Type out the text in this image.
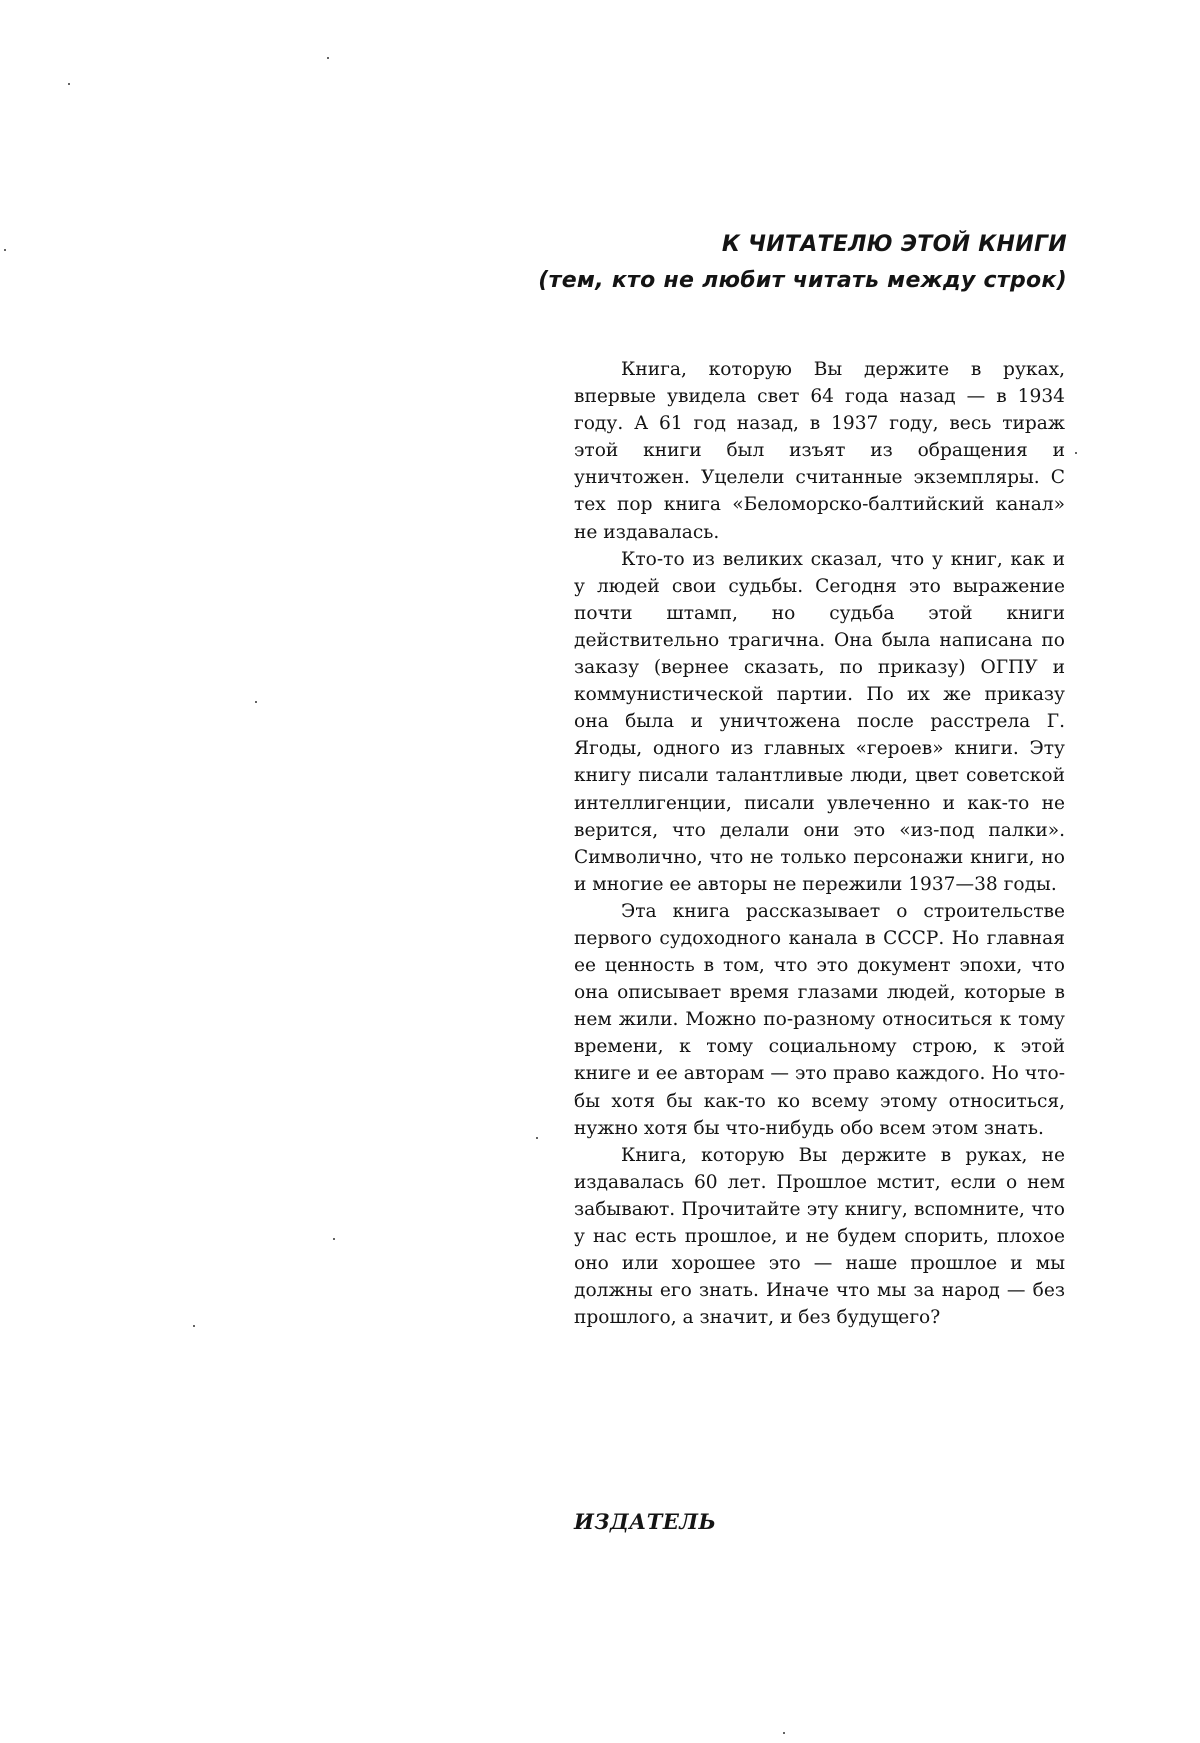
К ЧИТАТЕЛЮ ЭТОЙ КНИГИ
(тем, кто не любит читать между строк)

Книга, которую Вы держите в руках, впервые увидела свет 64 года назад — в 1934 году. А 61 год назад, в 1937 году, весь тираж этой книги был изъят из обращения и уничтожен. Уцелели считанные экземпляры. С тех пор книга «Беломорско-балтийский канал» не издавалась.

Кто-то из великих сказал, что у книг, как и у людей свои судьбы. Сегодня это выражение почти штамп, но судьба этой книги действительно трагична. Она была написана по заказу (вернее сказать, по приказу) ОГПУ и коммунистической партии. По их же приказу она была и уничтожена после расстрела Г. Ягоды, одного из главных «героев» книги. Эту книгу писали талантливые люди, цвет советской интеллигенции, писали увлеченно и как-то не верится, что делали они это «из-под палки». Символично, что не только персонажи книги, но и многие ее авторы не пережили 1937—38 годы.

Эта книга рассказывает о строительстве первого судоходного канала в СССР. Но главная ее ценность в том, что это документ эпохи, что она описывает время глазами людей, которые в нем жили. Можно по-разному относиться к тому времени, к тому социальному строю, к этой книге и ее авторам — это право каждого. Но чтобы хотя бы как-то ко всему этому относиться, нужно хотя бы что-нибудь обо всем этом знать.

Книга, которую Вы держите в руках, не издавалась 60 лет. Прошлое мстит, если о нем забывают. Прочитайте эту книгу, вспомните, что у нас есть прошлое, и не будем спорить, плохое оно или хорошее это — наше прошлое и мы должны его знать. Иначе что мы за народ — без прошлого, а значит, и без будущего?

ИЗДАТЕЛЬ
